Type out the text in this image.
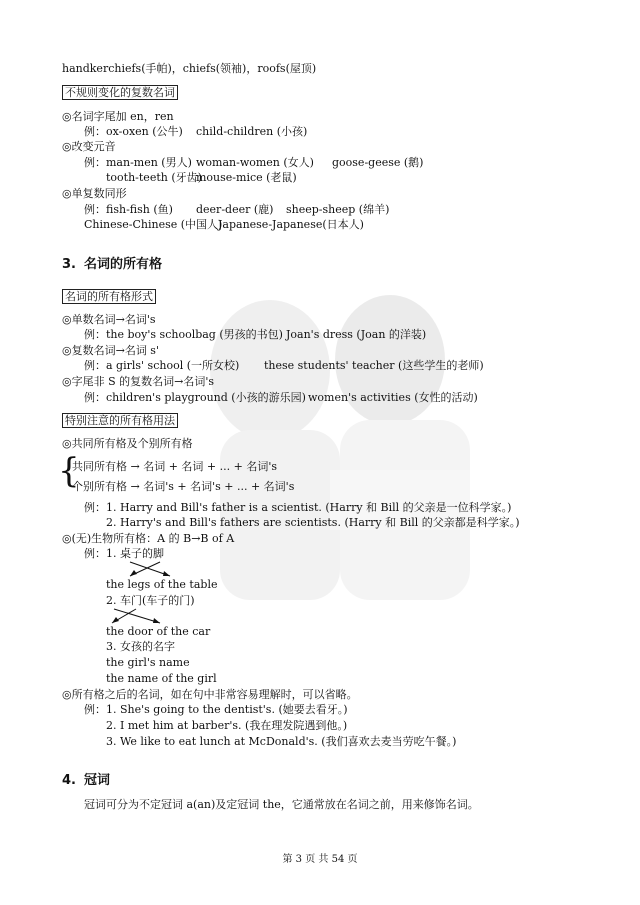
handkerchiefs(手帕)，chiefs(领袖)，roofs(屋顶)
不规则变化的复数名词
◎名词字尾加 en，ren
例：ox-oxen (公牛) child-children (小孩)
◎改变元音
例：man-men (男人) woman-women (女人) goose-geese (鹅)
tooth-teeth (牙齿)
mouse-mice (老鼠)
◎单复数同形
例：fish-fish (鱼) deer-deer (鹿) sheep-sheep (绵羊)
Chinese-Chinese (中国人)
Japanese-Japanese(日本人)
3. 名词的所有格
名词的所有格形式
◎单数名词→名词's
例：the boy's schoolbag (男孩的书包) Joan's dress (Joan 的洋装)
◎复数名词→名词 s'
例：a girls' school (一所女校) these students' teacher (这些学生的老师)
◎字尾非 S 的复数名词→名词's
例：children's playground (小孩的游乐园) women's activities (女性的活动)
特别注意的所有格用法
◎共同所有格及个别所有格
{
共同所有格 → 名词 + 名词 + ... + 名词's
个别所有格 → 名词's + 名词's + ... + 名词's
例：1. Harry and Bill's father is a scientist. (Harry 和 Bill 的父亲是一位科学家。)
2. Harry's and Bill's fathers are scientists. (Harry 和 Bill 的父亲都是科学家。)
◎(无)生物所有格：A 的 B→B of A
例：1. 桌子的脚
the legs of the table
2. 车门(车子的门)
the door of the car
3. 女孩的名字
the girl's name
the name of the girl
◎所有格之后的名词，如在句中非常容易理解时，可以省略。
例：1. She's going to the dentist's. (她要去看牙。)
2. I met him at barber's. (我在理发院遇到他。)
3. We like to eat lunch at McDonald's. (我们喜欢去麦当劳吃午餐。)
4. 冠词
冠词可分为不定冠词 a(an)及定冠词 the，它通常放在名词之前，用来修饰名词。
第 3 页 共 54 页
